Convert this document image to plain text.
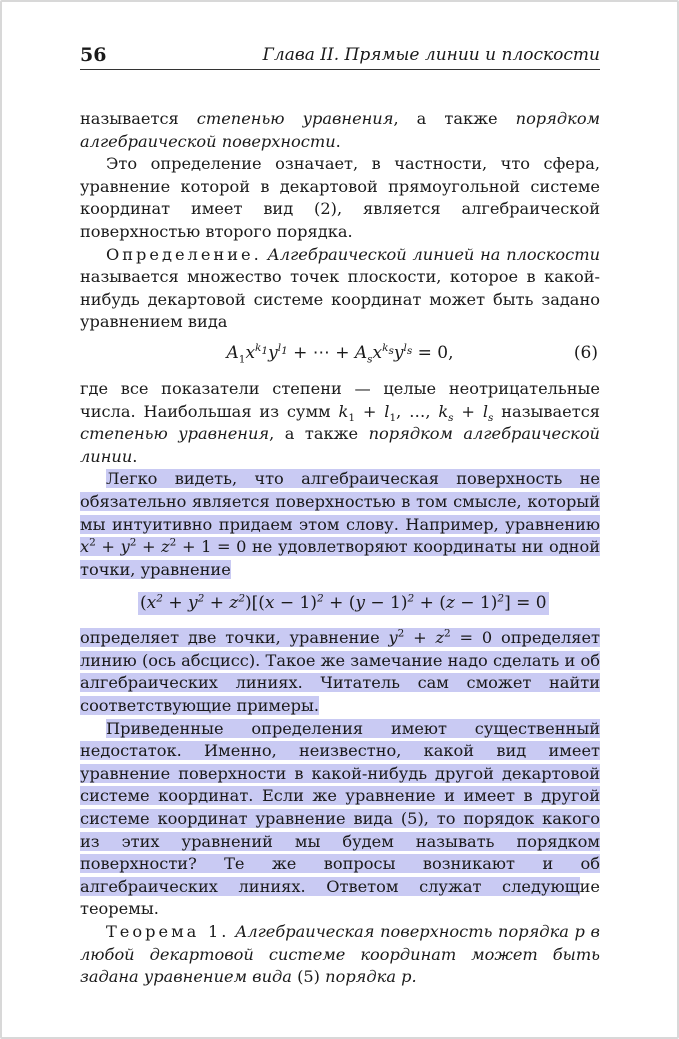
56	Глава II. Прямые линии и плоскости

называется степенью уравнения, а также порядком алгебраической поверхности.

Это определение означает, в частности, что сфера, уравнение которой в декартовой прямоугольной системе координат имеет вид (2), является алгебраической поверхностью второго порядка.

Определение. Алгебраической линией на плоскости называется множество точек плоскости, которое в какой-нибудь декартовой системе координат может быть задано уравнением вида

$A_1x^{k_1}y^{l_1}$ + ⋯ + $A_sx^{k_s}y^{l_s} = 0$,	(6)

где все показатели степени — целые неотрицательные числа. Наибольшая из сумм $k_1 + l_1$, …, $k_s + l_s$ называется степенью уравнения, а также порядком алгебраической линии.

Легко видеть, что алгебраическая поверхность не обязательно является поверхностью в том смысле, который мы интуитивно придаем этом слову. Например, уравнению $x^2 + y^2 + z^2 + 1 = 0$ не удовлетворяют координаты ни одной точки, уравнение

$(x^2 + y^2 + z^2)[(x - 1)^2 + (y - 1)^2 + (z - 1)^2] = 0$

определяет две точки, уравнение $y^2 + z^2 = 0$ определяет линию (ось абсцисс). Такое же замечание надо сделать и об алгебраических линиях. Читатель сам сможет найти соответствующие примеры.

Приведенные определения имеют существенный недостаток. Именно, неизвестно, какой вид имеет уравнение поверхности в какой-нибудь другой декартовой системе координат. Если же уравнение и имеет в другой системе координат уравнение вида (5), то порядок какого из этих уравнений мы будем называть порядком поверхности? Те же вопросы возникают и об алгебраических линиях. Ответом служат следующие теоремы.

Теорема 1. Алгебраическая поверхность порядка p в любой декартовой системе координат может быть задана уравнением вида (5) порядка p.
